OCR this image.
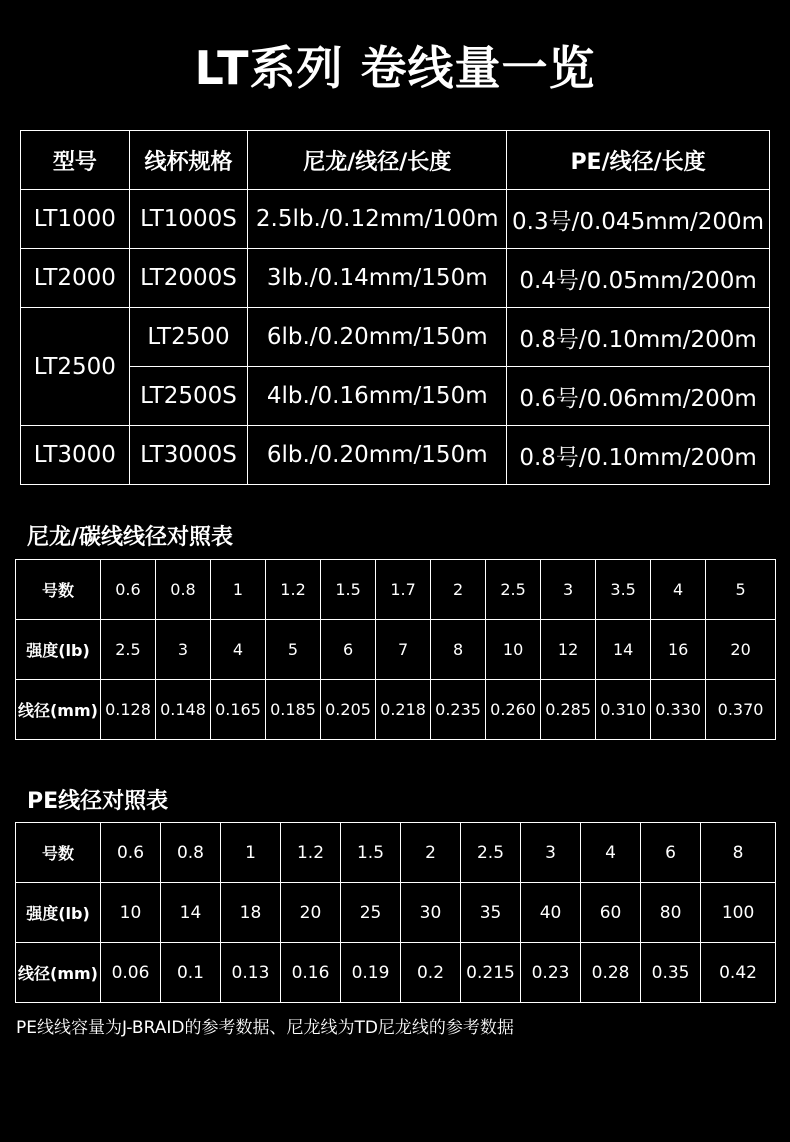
LT系列 卷线量一览
型号	线杯规格	尼龙/线径/长度	PE/线径/长度
LT1000	LT1000S	2.5lb./0.12mm/100m	0.3号/0.045mm/200m
LT2000	LT2000S	3lb./0.14mm/150m	0.4号/0.05mm/200m
LT2500	LT2500	6lb./0.20mm/150m	0.8号/0.10mm/200m
	LT2500S	4lb./0.16mm/150m	0.6号/0.06mm/200m
LT3000	LT3000S	6lb./0.20mm/150m	0.8号/0.10mm/200m
尼龙/碳线线径对照表
号数	0.6	0.8	1	1.2	1.5	1.7	2	2.5	3	3.5	4	5
强度(lb)	2.5	3	4	5	6	7	8	10	12	14	16	20
线径(mm)	0.128	0.148	0.165	0.185	0.205	0.218	0.235	0.260	0.285	0.310	0.330	0.370
PE线径对照表
号数	0.6	0.8	1	1.2	1.5	2	2.5	3	4	6	8
强度(lb)	10	14	18	20	25	30	35	40	60	80	100
线径(mm)	0.06	0.1	0.13	0.16	0.19	0.2	0.215	0.23	0.28	0.35	0.42
PE线线容量为J-BRAID的参考数据、尼龙线为TD尼龙线的参考数据
